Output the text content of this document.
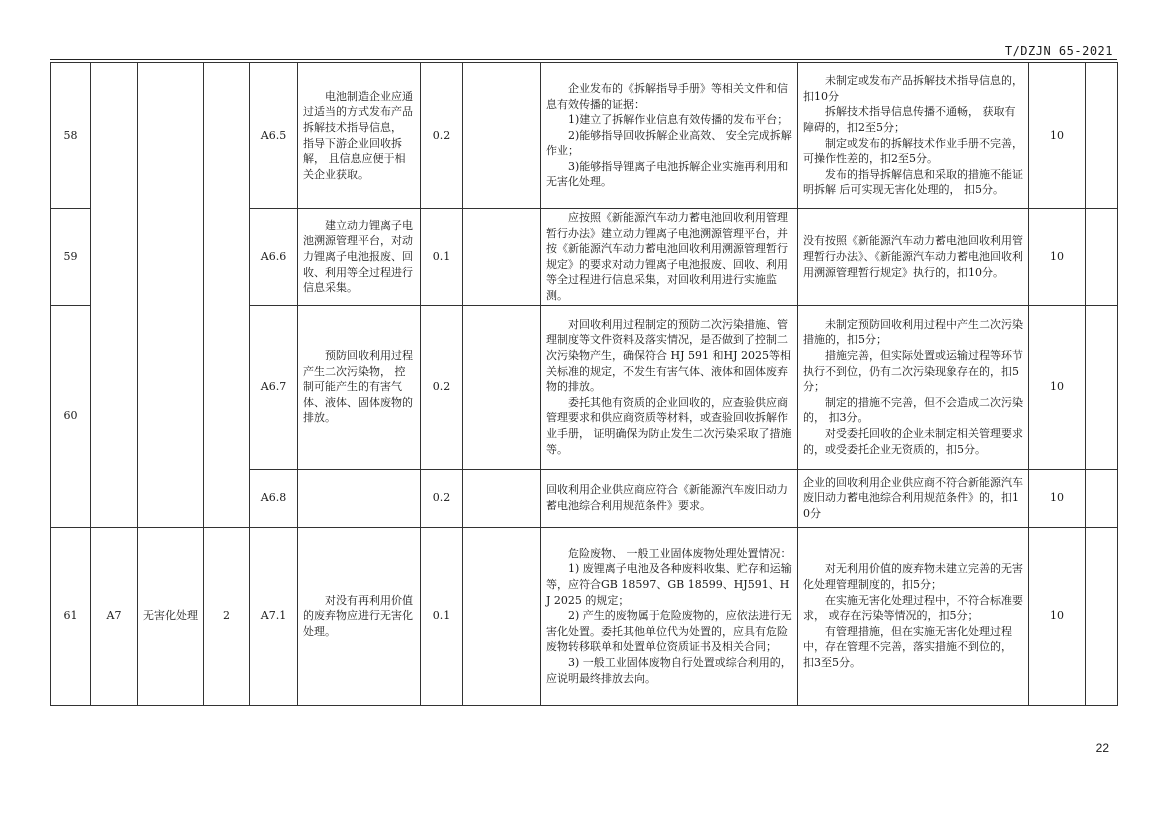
T/DZJN 65-2021
58				A6.5	电池制造企业应通过适当的方式发布产品拆解技术指导信息， 指导下游企业回收拆解， 且信息应便于相关企业获取。	0.2		企业发布的《拆解指导手册》等相关文件和信息有效传播的证据：
1)建立了拆解作业信息有效传播的发布平台；
2)能够指导回收拆解企业高效、 安全完成拆解作业；
3)能够指导锂离子电池拆解企业实施再利用和无害化处理。	未制定或发布产品拆解技术指导信息的，扣10分
拆解技术指导信息传播不通畅， 获取有障碍的，扣2至5分；
制定或发布的拆解技术作业手册不完善，可操作性差的，扣2至5分。
发布的指导拆解信息和采取的措施不能证明拆解 后可实现无害化处理的， 扣5分。	10	
59				A6.6	建立动力锂离子电池溯源管理平台，对动力锂离子电池报废、回收、利用等全过程进行信息采集。	0.1		应按照《新能源汽车动力蓄电池回收利用管理暂行办法》建立动力锂离子电池溯源管理平台，并按《新能源汽车动力蓄电池回收利用溯源管理暂行规定》的要求对动力锂离子电池报废、回收、利用等全过程进行信息采集，对回收利用进行实施监测。	没有按照《新能源汽车动力蓄电池回收利用管理暂行办法》、《新能源汽车动力蓄电池回收利用溯源管理暂行规定》执行的，扣10分。	10	
60				A6.7	预防回收利用过程产生二次污染物， 控制可能产生的有害气体、液体、固体废物的排放。	0.2		对回收利用过程制定的预防二次污染措施、管理制度等文件资料及落实情况，是否做到了控制二次污染物产生，确保符合 HJ 591 和HJ 2025等相关标准的规定，不发生有害气体、液体和固体废弃物的排放。
委托其他有资质的企业回收的，应查验供应商管理要求和供应商资质等材料，或查验回收拆解作业手册， 证明确保为防止发生二次污染采取了措施等。	未制定预防回收利用过程中产生二次污染措施的，扣5分；
措施完善，但实际处置或运输过程等环节执行不到位，仍有二次污染现象存在的，扣5分；
制定的措施不完善，但不会造成二次污染的， 扣3分。
对受委托回收的企业未制定相关管理要求的，或受委托企业无资质的，扣5分。	10	
				A6.8		0.2		回收利用企业供应商应符合《新能源汽车废旧动力蓄电池综合利用规范条件》要求。	企业的回收利用企业供应商不符合新能源汽车废旧动力蓄电池综合利用规范条件》的，扣10分	10	
61	A7	无害化处理	2	A7.1	对没有再利用价值的废弃物应进行无害化处理。	0.1		危险废物、 一般工业固体废物处理处置情况：
1) 废锂离子电池及各种废料收集、贮存和运输等，应符合GB 18597、GB 18599、HJ591、HJ 2025 的规定；
2) 产生的废物属于危险废物的，应依法进行无害化处置。委托其他单位代为处置的，应具有危险废物转移联单和处置单位资质证书及相关合同；
3) 一般工业固体废物自行处置或综合利用的，应说明最终排放去向。	对无利用价值的废弃物未建立完善的无害化处理管理制度的，扣5分；
在实施无害化处理过程中，不符合标准要求， 或存在污染等情况的，扣5分；
有管理措施，但在实施无害化处理过程中，存在管理不完善，落实措施不到位的， 扣3至5分。	10	
22
